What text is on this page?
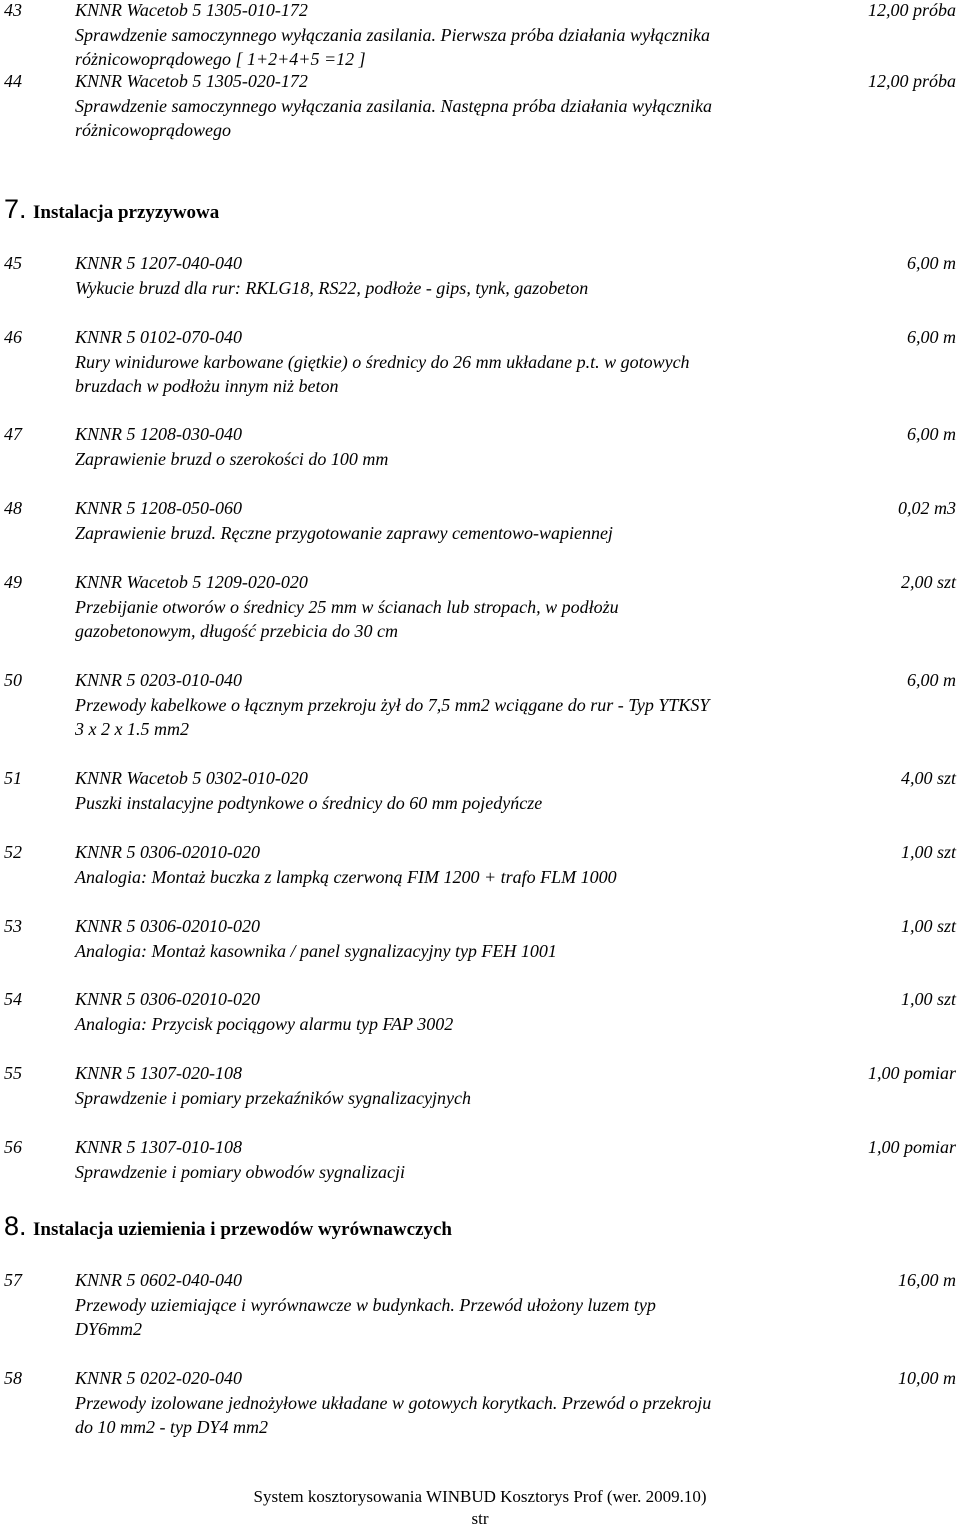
43	KNNR Wacetob 5 1305-010-172	12,00 próba
Sprawdzenie samoczynnego wyłączania zasilania. Pierwsza próba działania wyłącznika
różnicowoprądowego [ 1+2+4+5 =12 ]
44	KNNR Wacetob 5 1305-020-172	12,00 próba
Sprawdzenie samoczynnego wyłączania zasilania. Następna próba działania wyłącznika
różnicowoprądowego
7. Instalacja przyzywowa
45	KNNR 5 1207-040-040	6,00 m
Wykucie bruzd dla rur: RKLG18, RS22, podłoże - gips, tynk, gazobeton
46	KNNR 5 0102-070-040	6,00 m
Rury winidurowe karbowane (giętkie) o średnicy do 26 mm układane p.t. w gotowych
bruzdach w podłożu innym niż beton
47	KNNR 5 1208-030-040	6,00 m
Zaprawienie bruzd o szerokości do 100 mm
48	KNNR 5 1208-050-060	0,02 m3
Zaprawienie bruzd. Ręczne przygotowanie zaprawy cementowo-wapiennej
49	KNNR Wacetob 5 1209-020-020	2,00 szt
Przebijanie otworów o średnicy 25 mm w ścianach lub stropach, w podłożu
gazobetonowym, długość przebicia do 30 cm
50	KNNR 5 0203-010-040	6,00 m
Przewody kabelkowe o łącznym przekroju żył do 7,5 mm2 wciągane do rur - Typ YTKSY
3 x 2 x 1.5 mm2
51	KNNR Wacetob 5 0302-010-020	4,00 szt
Puszki instalacyjne podtynkowe o średnicy do 60 mm pojedyńcze
52	KNNR 5 0306-02010-020	1,00 szt
Analogia: Montaż buczka z lampką czerwoną FIM 1200 + trafo FLM 1000
53	KNNR 5 0306-02010-020	1,00 szt
Analogia: Montaż kasownika / panel sygnalizacyjny typ FEH 1001
54	KNNR 5 0306-02010-020	1,00 szt
Analogia: Przycisk pociągowy alarmu typ FAP 3002
55	KNNR 5 1307-020-108	1,00 pomiar
Sprawdzenie i pomiary przekaźników sygnalizacyjnych
56	KNNR 5 1307-010-108	1,00 pomiar
Sprawdzenie i pomiary obwodów sygnalizacji
8. Instalacja uziemienia i przewodów wyrównawczych
57	KNNR 5 0602-040-040	16,00 m
Przewody uziemiające i wyrównawcze w budynkach. Przewód ułożony luzem typ
DY6mm2
58	KNNR 5 0202-020-040	10,00 m
Przewody izolowane jednożyłowe układane w gotowych korytkach. Przewód o przekroju
do 10 mm2 - typ DY4 mm2
System kosztorysowania WINBUD Kosztorys Prof (wer. 2009.10)
str
